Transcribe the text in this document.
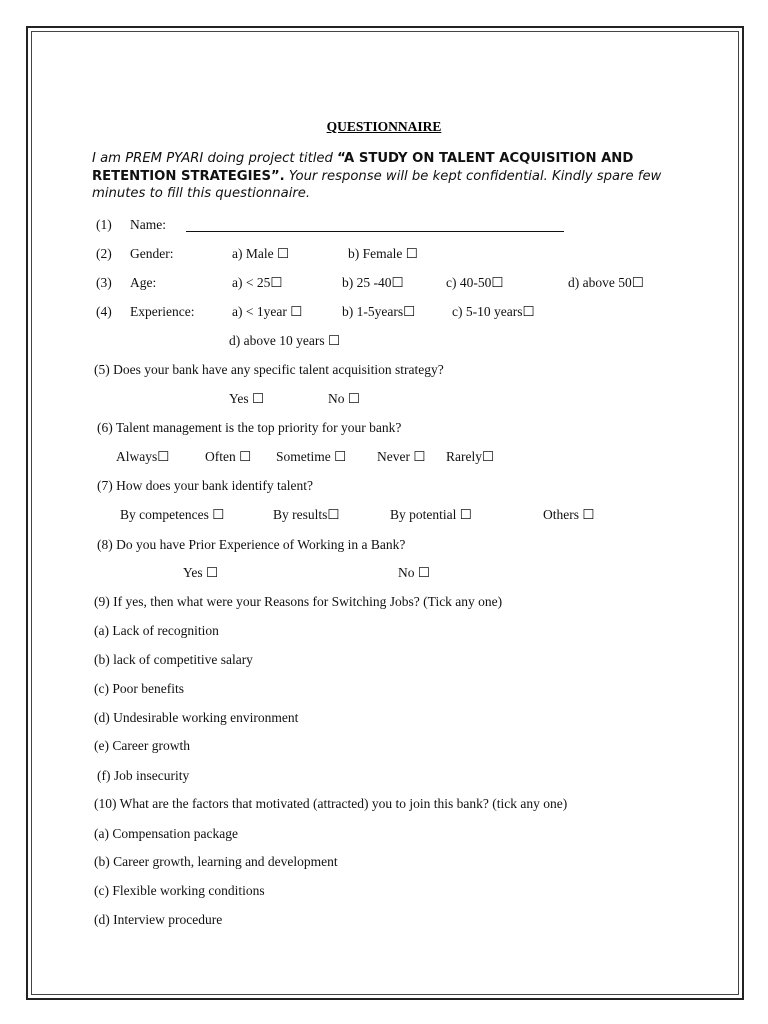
QUESTIONNAIRE
I am PREM PYARI doing project titled “A STUDY ON TALENT ACQUISITION AND RETENTION STRATEGIES”. Your response will be kept confidential. Kindly spare few minutes to fill this questionnaire.
(1) Name:
(2) Gender:	a) Male ☐	b) Female ☐
(3) Age:	a) < 25☐	b) 25 -40☐	c) 40-50☐	d) above 50☐
(4) Experience:	a) < 1year ☐	b) 1-5years☐	c) 5-10 years☐
d) above 10 years ☐
(5) Does your bank have any specific talent acquisition strategy?
Yes ☐	No ☐
(6) Talent management is the top priority for your bank?
Always☐	Often ☐ Sometime ☐ Never ☐ Rarely☐
(7) How does your bank identify talent?
By competences ☐	By results☐	By potential ☐	Others ☐
(8) Do you have Prior Experience of Working in a Bank?
Yes ☐	No ☐
(9) If yes, then what were your Reasons for Switching Jobs? (Tick any one)
(a) Lack of recognition
(b) lack of competitive salary
(c) Poor benefits
(d) Undesirable working environment
(e) Career growth
(f) Job insecurity
(10) What are the factors that motivated (attracted) you to join this bank? (tick any one)
(a) Compensation package
(b) Career growth, learning and development
(c) Flexible working conditions
(d) Interview procedure
